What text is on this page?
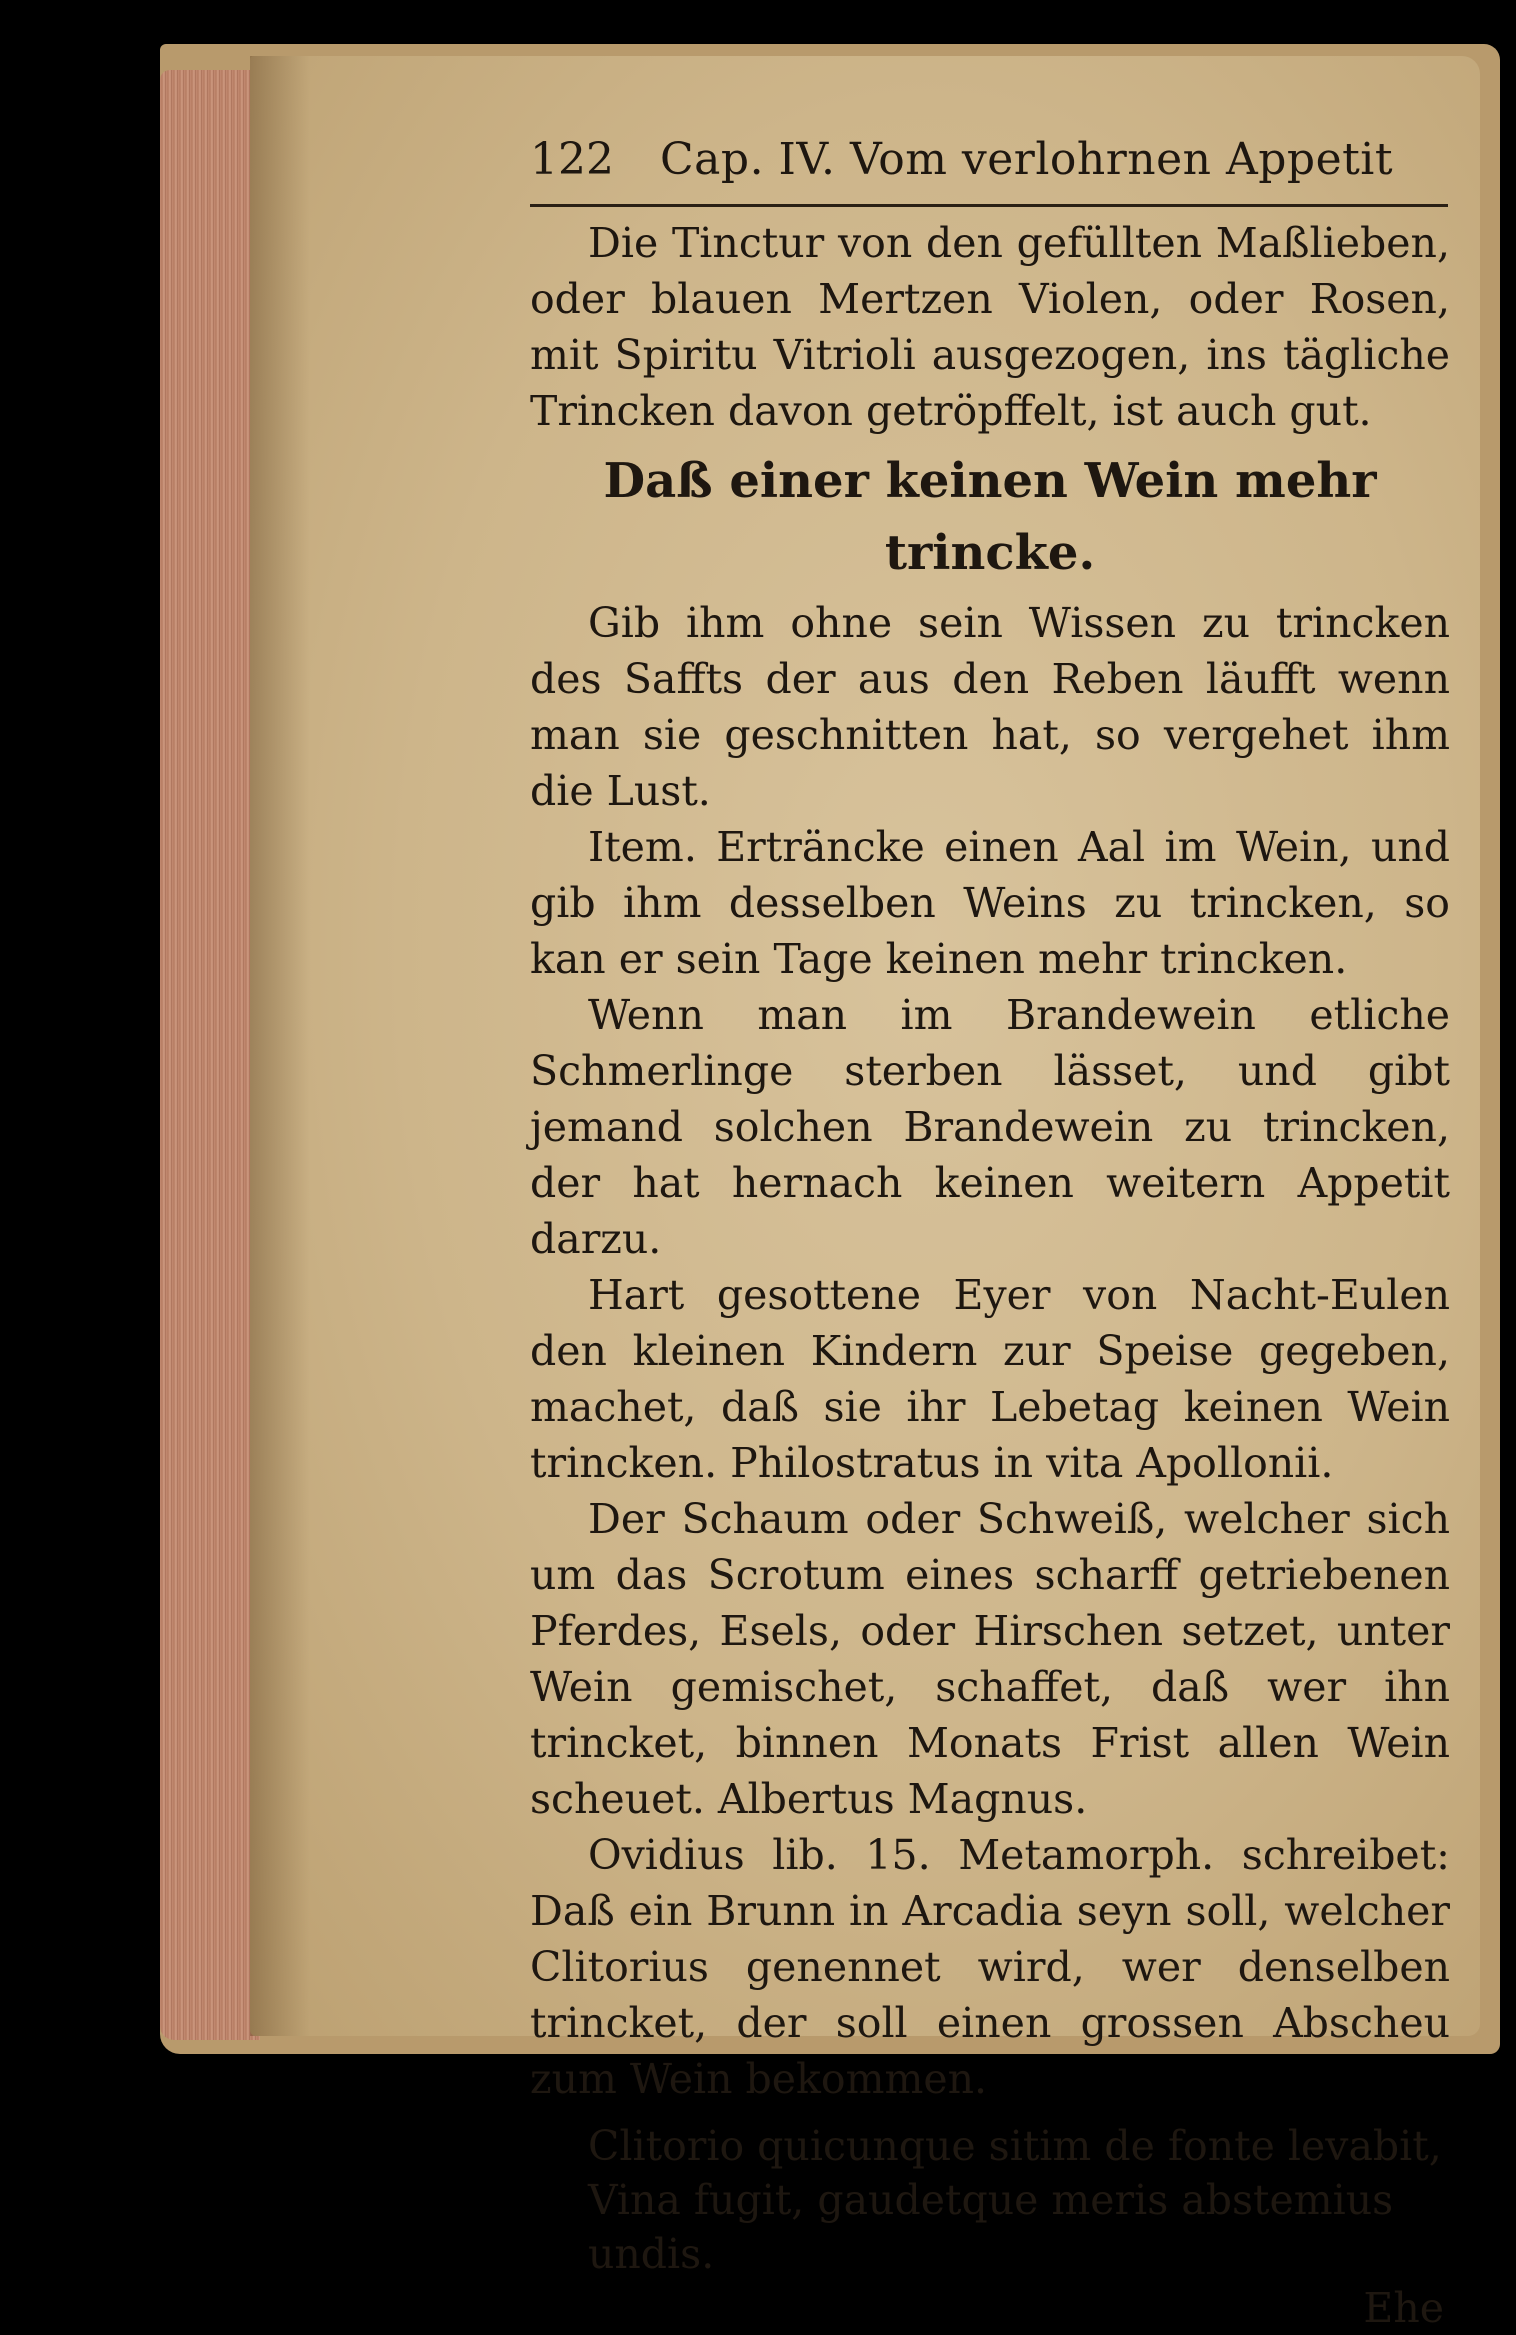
122	Cap. IV. Vom verlohrnen Appetit

Die Tinctur von den gefüllten Maßlieben, oder blauen Mertzen Violen, oder Rosen, mit Spiritu Vitrioli ausgezogen, ins tägliche Trincken davon getröpffelt, ist auch gut.

Daß einer keinen Wein mehr trincke.

Gib ihm ohne sein Wissen zu trincken des Saffts der aus den Reben läufft wenn man sie geschnitten hat, so vergehet ihm die Lust.

Item. Erträncke einen Aal im Wein, und gib ihm desselben Weins zu trincken, so kan er sein Tage keinen mehr trincken.

Wenn man im Brandewein etliche Schmerlinge sterben lässet, und gibt jemand solchen Brandewein zu trincken, der hat hernach keinen weitern Appetit darzu.

Hart gesottene Eyer von Nacht-Eulen den kleinen Kindern zur Speise gegeben, machet, daß sie ihr Lebetag keinen Wein trincken. Philostratus in vita Apollonii.

Der Schaum oder Schweiß, welcher sich um das Scrotum eines scharff getriebenen Pferdes, Esels, oder Hirschen setzet, unter Wein gemischet, schaffet, daß wer ihn trincket, binnen Monats Frist allen Wein scheuet. Albertus Magnus.

Ovidius lib. 15. Metamorph. schreibet: Daß ein Brunn in Arcadia seyn soll, welcher Clitorius genennet wird, wer denselben trincket, der soll einen grossen Abscheu zum Wein bekommen.

Clitorio quicunque sitim de fonte levabit,
Vina fugit, gaudetque meris abstemius undis.
Ehe
